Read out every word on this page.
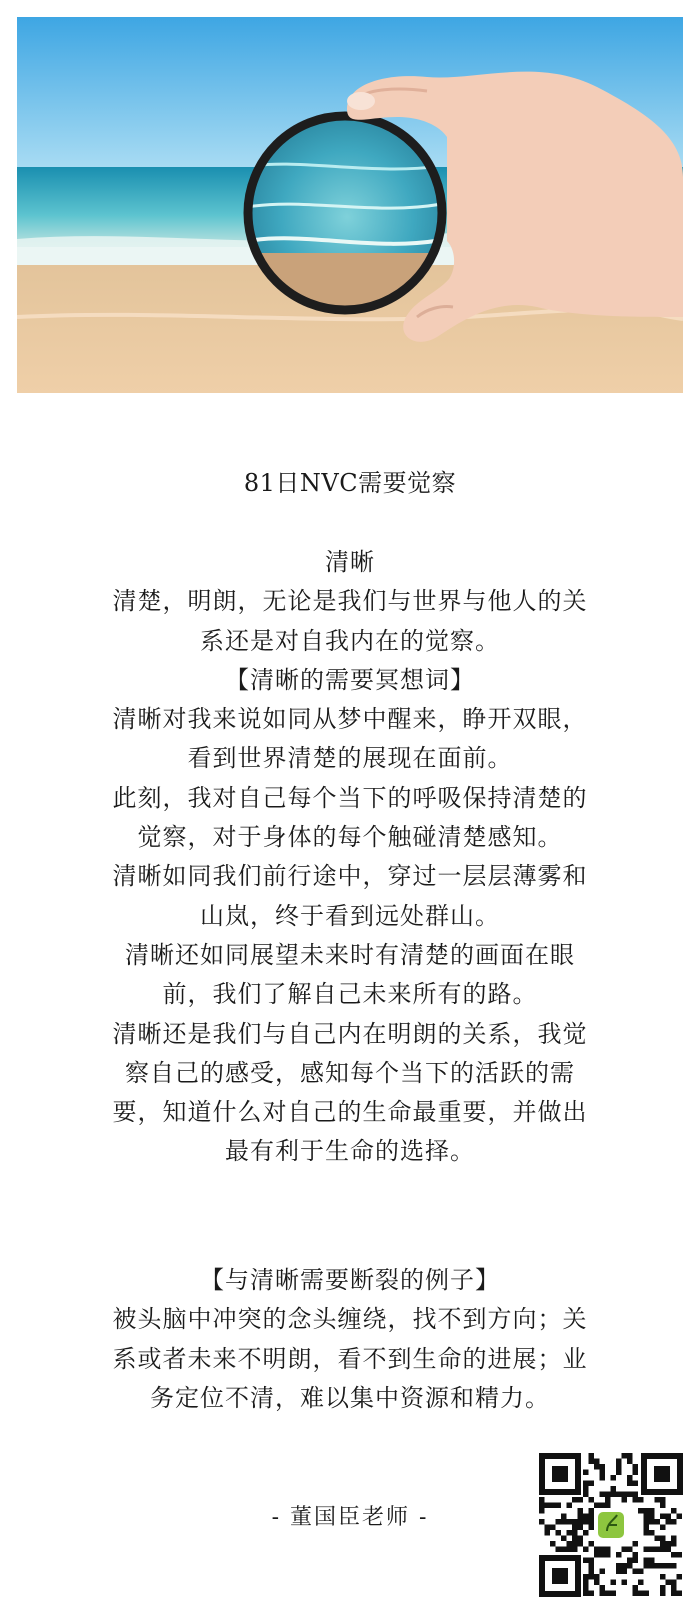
81日NVC需要觉察

清晰

清楚，明朗，无论是我们与世界与他人的关

系还是对自我内在的觉察。

【清晰的需要冥想词】

清晰对我来说如同从梦中醒来，睁开双眼，

看到世界清楚的展现在面前。

此刻，我对自己每个当下的呼吸保持清楚的

觉察，对于身体的每个触碰清楚感知。

清晰如同我们前行途中，穿过一层层薄雾和

山岚，终于看到远处群山。

清晰还如同展望未来时有清楚的画面在眼

前，我们了解自己未来所有的路。

清晰还是我们与自己内在明朗的关系，我觉

察自己的感受，感知每个当下的活跃的需

要，知道什么对自己的生命最重要，并做出

最有利于生命的选择。

【与清晰需要断裂的例子】

被头脑中冲突的念头缠绕，找不到方向；关

系或者未来不明朗，看不到生命的进展；业

务定位不清，难以集中资源和精力。

- 董国臣老师 -
